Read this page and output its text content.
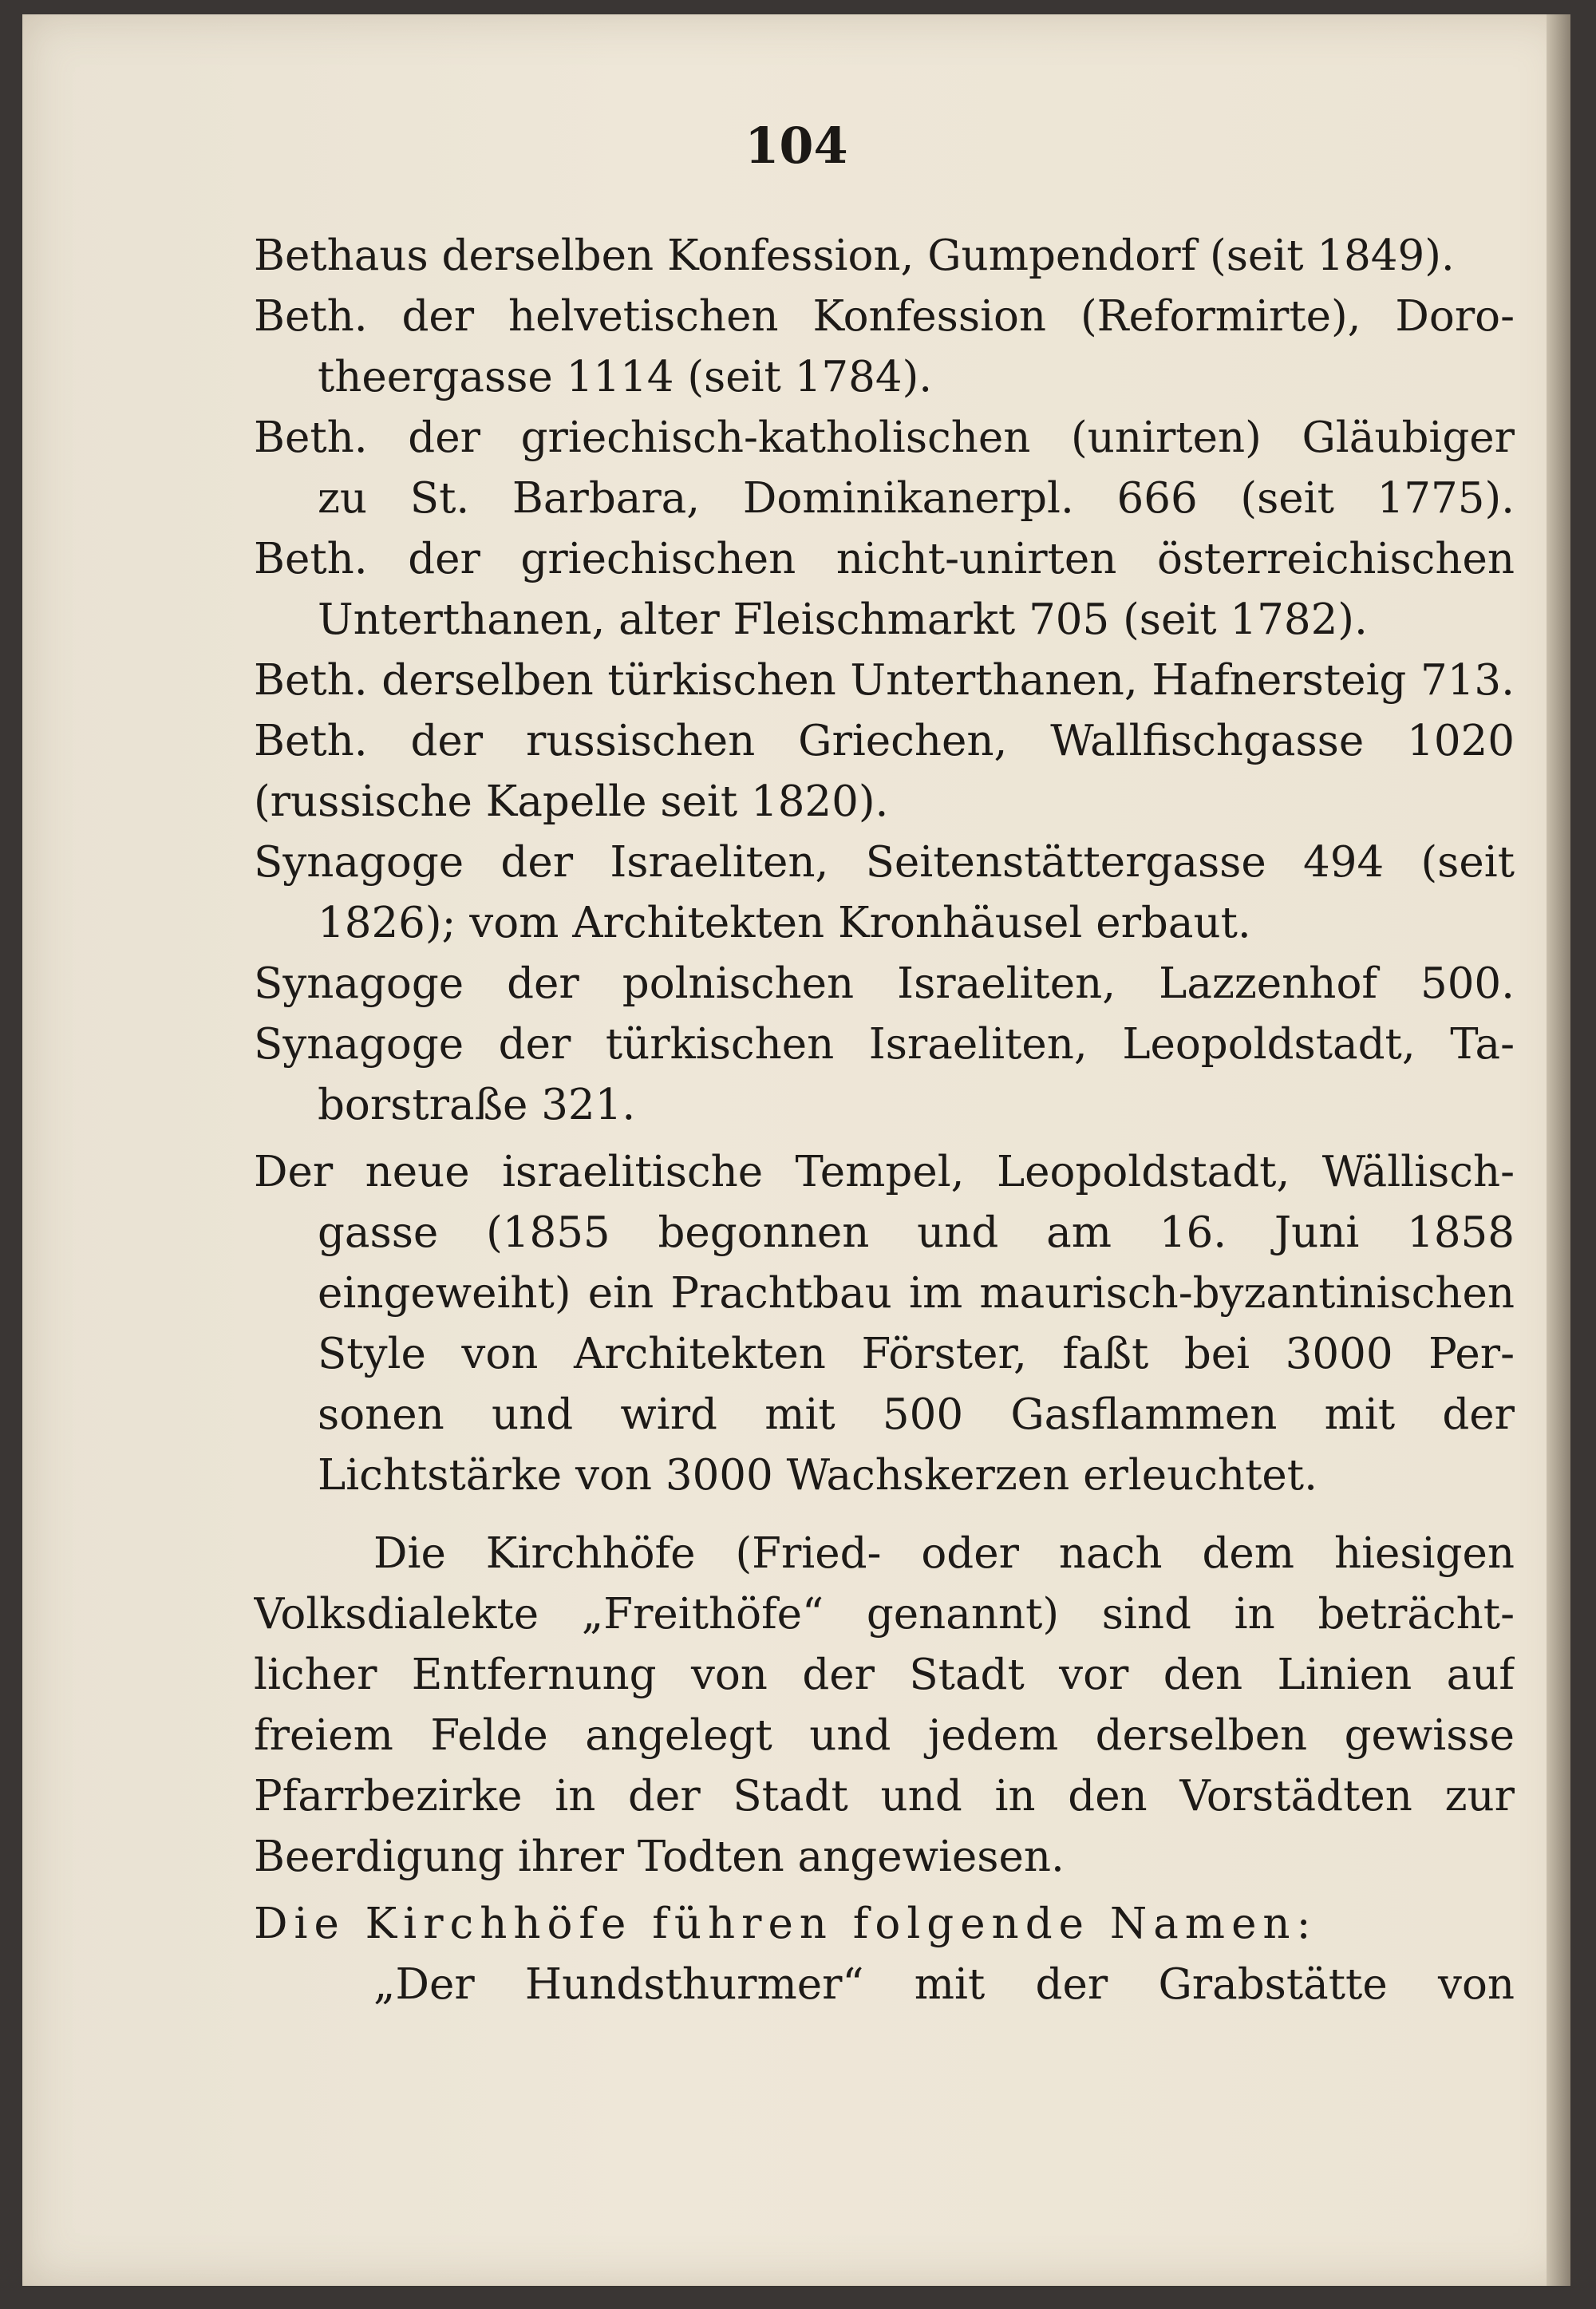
104
Bethaus derselben Konfession, Gumpendorf (seit 1849).
Beth. der helvetischen Konfession (Reformirte), Doro-
theergasse 1114 (seit 1784).
Beth. der griechisch-katholischen (unirten) Gläubiger
zu St. Barbara, Dominikanerpl. 666 (seit 1775).
Beth. der griechischen nicht-unirten österreichischen
Unterthanen, alter Fleischmarkt 705 (seit 1782).
Beth. derselben türkischen Unterthanen, Hafnersteig 713.
Beth. der russischen Griechen, Wallfischgasse 1020
(russische Kapelle seit 1820).
Synagoge der Israeliten, Seitenstättergasse 494 (seit
1826); vom Architekten Kronhäusel erbaut.
Synagoge der polnischen Israeliten, Lazzenhof 500.
Synagoge der türkischen Israeliten, Leopoldstadt, Ta-
borstraße 321.
Der neue israelitische Tempel, Leopoldstadt, Wällisch-
gasse (1855 begonnen und am 16. Juni 1858
eingeweiht) ein Prachtbau im maurisch-byzantinischen
Style von Architekten Förster, faßt bei 3000 Per-
sonen und wird mit 500 Gasflammen mit der
Lichtstärke von 3000 Wachskerzen erleuchtet.
Die Kirchhöfe (Fried- oder nach dem hiesigen
Volksdialekte „Freithöfe“ genannt) sind in beträcht-
licher Entfernung von der Stadt vor den Linien auf
freiem Felde angelegt und jedem derselben gewisse
Pfarrbezirke in der Stadt und in den Vorstädten zur
Beerdigung ihrer Todten angewiesen.
Die Kirchhöfe führen folgende Namen:
„Der Hundsthurmer“ mit der Grabstätte von
